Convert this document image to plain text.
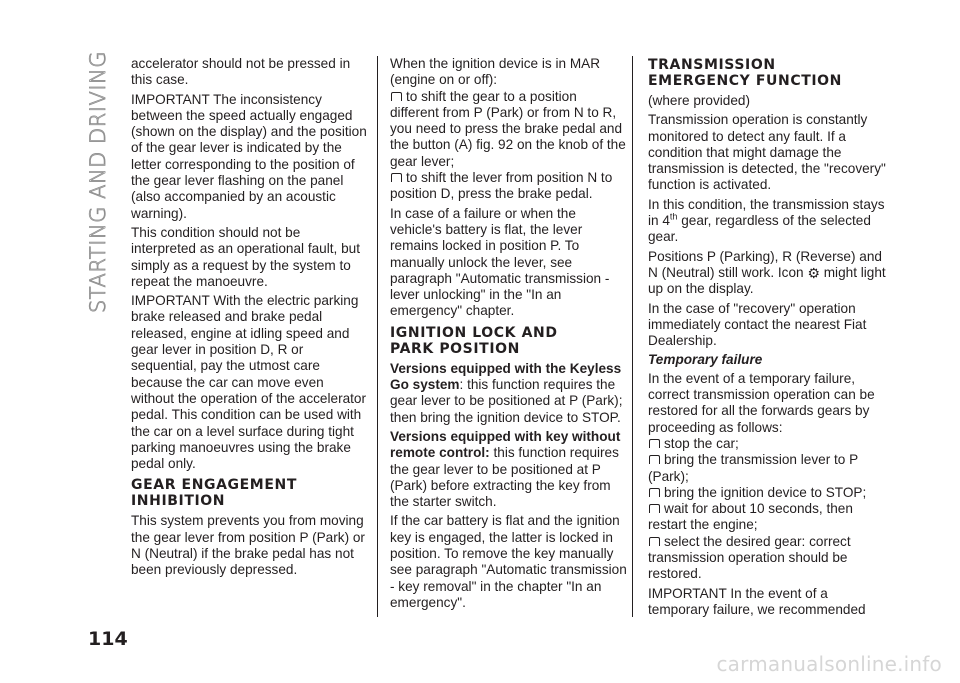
STARTING AND DRIVING accelerator should not be pressed in this case.

IMPORTANT The inconsistency between the speed actually engaged (shown on the display) and the position of the gear lever is indicated by the letter corresponding to the position of the gear lever flashing on the panel (also accompanied by an acoustic warning).

This condition should not be interpreted as an operational fault, but simply as a request by the system to repeat the manoeuvre.

IMPORTANT With the electric parking brake released and brake pedal released, engine at idling speed and gear lever in position D, R or sequential, pay the utmost care because the car can move even without the operation of the accelerator pedal. This condition can be used with the car on a level surface during tight parking manoeuvres using the brake pedal only.

GEAR ENGAGEMENT
INHIBITION

This system prevents you from moving the gear lever from position P (Park) or N (Neutral) if the brake pedal has not been previously depressed.

When the ignition device is in MAR (engine on or off):

to shift the gear to a position different from P (Park) or from N to R, you need to press the brake pedal and the button (A) fig. 92 on the knob of the gear lever;

to shift the lever from position N to position D, press the brake pedal.

In case of a failure or when the vehicle's battery is flat, the lever remains locked in position P. To manually unlock the lever, see paragraph "Automatic transmission - lever unlocking" in the "In an emergency" chapter.

IGNITION LOCK AND
PARK POSITION

Versions equipped with the Keyless Go system: this function requires the gear lever to be positioned at P (Park); then bring the ignition device to STOP.

Versions equipped with key without remote control: this function requires the gear lever to be positioned at P (Park) before extracting the key from the starter switch.

If the car battery is flat and the ignition key is engaged, the latter is locked in position. To remove the key manually see paragraph "Automatic transmission - key removal" in the chapter "In an emergency".

TRANSMISSION
EMERGENCY FUNCTION

(where provided)

Transmission operation is constantly monitored to detect any fault. If a condition that might damage the transmission is detected, the "recovery" function is activated.

In this condition, the transmission stays in 4th gear, regardless of the selected gear.

Positions P (Parking), R (Reverse) and N (Neutral) still work. Icon ⚙ might light up on the display.

In the case of "recovery" operation immediately contact the nearest Fiat Dealership.

Temporary failure

In the event of a temporary failure, correct transmission operation can be restored for all the forwards gears by proceeding as follows:

stop the car;

bring the transmission lever to P (Park);

bring the ignition device to STOP;

wait for about 10 seconds, then restart the engine;

select the desired gear: correct transmission operation should be restored.

IMPORTANT In the event of a temporary failure, we recommended

114
carmanualsonline.info
